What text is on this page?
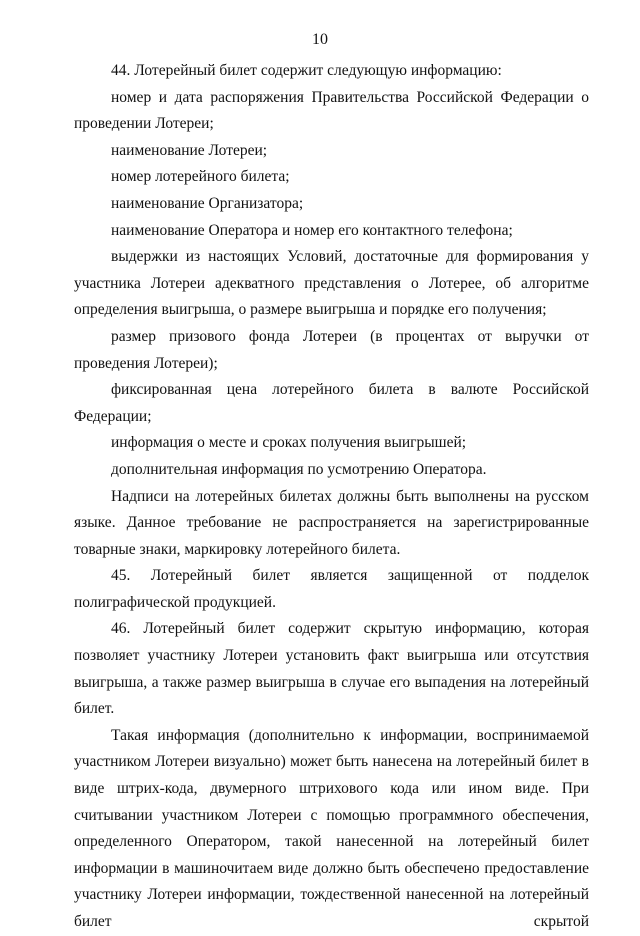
10

44. Лотерейный билет содержит следующую информацию:

номер и дата распоряжения Правительства Российской Федерации о проведении Лотереи;

наименование Лотереи;

номер лотерейного билета;

наименование Организатора;

наименование Оператора и номер его контактного телефона;

выдержки из настоящих Условий, достаточные для формирования у участника Лотереи адекватного представления о Лотерее, об алгоритме определения выигрыша, о размере выигрыша и порядке его получения;

размер призового фонда Лотереи (в процентах от выручки от проведения Лотереи);

фиксированная цена лотерейного билета в валюте Российской Федерации;

информация о месте и сроках получения выигрышей;

дополнительная информация по усмотрению Оператора.

Надписи на лотерейных билетах должны быть выполнены на русском языке. Данное требование не распространяется на зарегистрированные товарные знаки, маркировку лотерейного билета.

45. Лотерейный билет является защищенной от подделок полиграфической продукцией.

46. Лотерейный билет содержит скрытую информацию, которая позволяет участнику Лотереи установить факт выигрыша или отсутствия выигрыша, а также размер выигрыша в случае его выпадения на лотерейный билет.

Такая информация (дополнительно к информации, воспринимаемой участником Лотереи визуально) может быть нанесена на лотерейный билет в виде штрих-кода, двумерного штрихового кода или ином виде. При считывании участником Лотереи с помощью программного обеспечения, определенного Оператором, такой нанесенной на лотерейный билет информации в машиночитаем виде должно быть обеспечено предоставление участнику Лотереи информации, тождественной нанесенной на лотерейный билет скрытой
